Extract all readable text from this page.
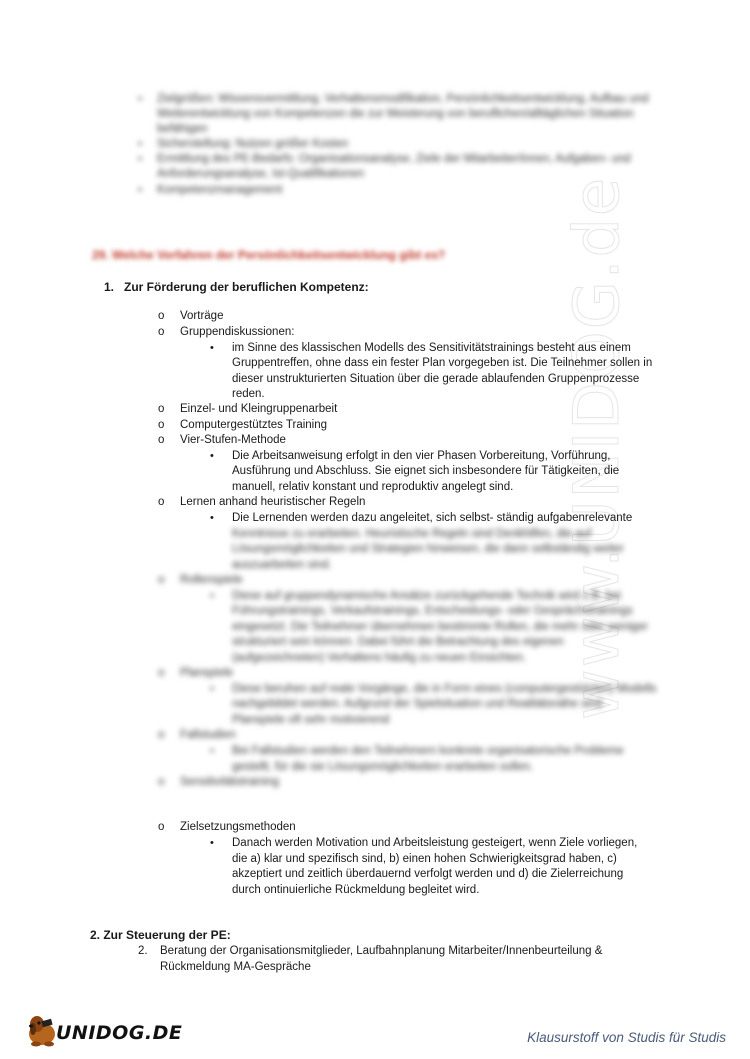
www.UNIDOG.de
• Zielgrößen: Wissensvermittlung, Verhaltensmodifikation, Persönlichkeitsentwicklung, Aufbau und
Weiterentwicklung von Kompetenzen die zur Meisterung von beruflichen/alltäglichen Situation
befähigen
• Sicherstellung: Nutzen größer Kosten
• Ermittlung des PE-Bedarfs: Organisationsanalyse, Ziele der Mitarbeiter/innen, Aufgaben- und
Anforderungsanalyse, Ist-Qualifikationen
• Kompetenzmanagement
29. Welche Verfahren der Persönlichkeitsentwicklung gibt es?
1. Zur Förderung der beruflichen Kompetenz:
o Vorträge
o Gruppendiskussionen:
• im Sinne des klassischen Modells des Sensitivitätstrainings besteht aus einem
Gruppentreffen, ohne dass ein fester Plan vorgegeben ist. Die Teilnehmer sollen in
dieser unstrukturierten Situation über die gerade ablaufenden Gruppenprozesse
reden.
o Einzel- und Kleingruppenarbeit
o Computergestütztes Training
o Vier-Stufen-Methode
• Die Arbeitsanweisung erfolgt in den vier Phasen Vorbereitung, Vorführung,
Ausführung und Abschluss. Sie eignet sich insbesondere für Tätigkeiten, die
manuell, relativ konstant und reproduktiv angelegt sind.
o Lernen anhand heuristischer Regeln
• Die Lernenden werden dazu angeleitet, sich selbst- ständig aufgabenrelevante
Kenntnisse zu erarbeiten. Heuristische Regeln sind Denkhilfen, die auf
Lösungsmöglichkeiten und Strategien hinweisen, die dann selbständig weiter
auszuarbeiten sind.
o Rollenspiele
• Diese auf gruppendynamische Ansätze zurückgehende Technik wird z.B. bei
Führungstrainings, Verkaufstrainings, Entscheidungs- oder Gesprächstrainings
eingesetzt. Die Teilnehmer übernehmen bestimmte Rollen, die mehr oder weniger
strukturiert sein können. Dabei führt die Betrachtung des eigenen
(aufgezeichneten) Verhaltens häufig zu neuen Einsichten.
o Planspiele
• Diese beruhen auf reale Vorgänge, die in Form eines (computergestützten) Modells
nachgebildet werden. Aufgrund der Spielsituation und Realitätsnähe sind
Planspiele oft sehr motivierend
o Fallstudien
• Bei Fallstudien werden den Teilnehmern konkrete organisatorische Probleme
gestellt, für die sie Lösungsmöglichkeiten erarbeiten sollen.
o Sensitivitätstraining
o Zielsetzungsmethoden
• Danach werden Motivation und Arbeitsleistung gesteigert, wenn Ziele vorliegen,
die a) klar und spezifisch sind, b) einen hohen Schwierigkeitsgrad haben, c)
akzeptiert und zeitlich überdauernd verfolgt werden und d) die Zielerreichung
durch ontinuierliche Rückmeldung begleitet wird.
2. Zur Steuerung der PE:
2. Beratung der Organisationsmitglieder, Laufbahnplanung Mitarbeiter/Innenbeurteilung &
Rückmeldung MA-Gespräche
UNIDOG.DE	Klausurstoff von Studis für Studis
